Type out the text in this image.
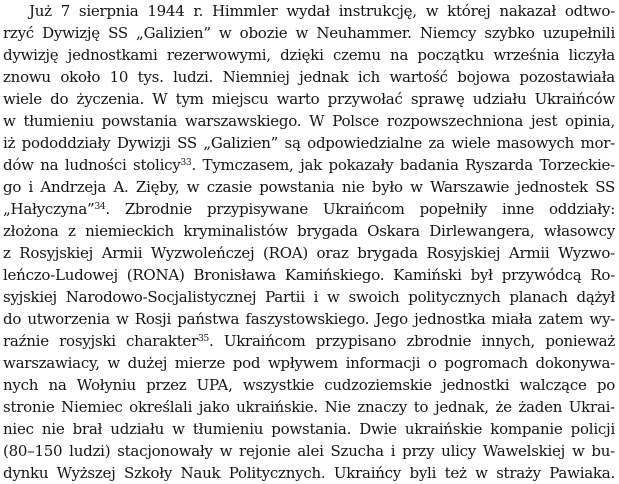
Już 7 sierpnia 1944 r. Himmler wydał instrukcję, w której nakazał odtwo-
rzyć Dywizję SS „Galizien” w obozie w Neuhammer. Niemcy szybko uzupełnili
dywizję jednostkami rezerwowymi, dzięki czemu na początku września liczyła
znowu około 10 tys. ludzi. Niemniej jednak ich wartość bojowa pozostawiała
wiele do życzenia. W tym miejscu warto przywołać sprawę udziału Ukraińców
w tłumieniu powstania warszawskiego. W Polsce rozpowszechniona jest opinia,
iż pododdziały Dywizji SS „Galizien” są odpowiedzialne za wiele masowych mor-
dów na ludności stolicy$^{33}$. Tymczasem, jak pokazały badania Ryszarda Torzeckie-
go i Andrzeja A. Zięby, w czasie powstania nie było w Warszawie jednostek SS
„Hałyczyna”$^{34}$. Zbrodnie przypisywane Ukraińcom popełniły inne oddziały:
złożona z niemieckich kryminalistów brygada Oskara Dirlewangera, własowcy
z Rosyjskiej Armii Wyzwoleńczej (ROA) oraz brygada Rosyjskiej Armii Wyzwo-
leńczo-Ludowej (RONA) Bronisława Kamińskiego. Kamiński był przywódcą Ro-
syjskiej Narodowo-Socjalistycznej Partii i w swoich politycznych planach dążył
do utworzenia w Rosji państwa faszystowskiego. Jego jednostka miała zatem wy-
raźnie rosyjski charakter$^{35}$. Ukraińcom przypisano zbrodnie innych, ponieważ
warszawiacy, w dużej mierze pod wpływem informacji o pogromach dokonywa-
nych na Wołyniu przez UPA, wszystkie cudzoziemskie jednostki walczące po
stronie Niemiec określali jako ukraińskie. Nie znaczy to jednak, że żaden Ukrai-
niec nie brał udziału w tłumieniu powstania. Dwie ukraińskie kompanie policji
(80–150 ludzi) stacjonowały w rejonie alei Szucha i przy ulicy Wawelskiej w bu-
dynku Wyższej Szkoły Nauk Politycznych. Ukraińcy byli też w straży Pawiaka.
